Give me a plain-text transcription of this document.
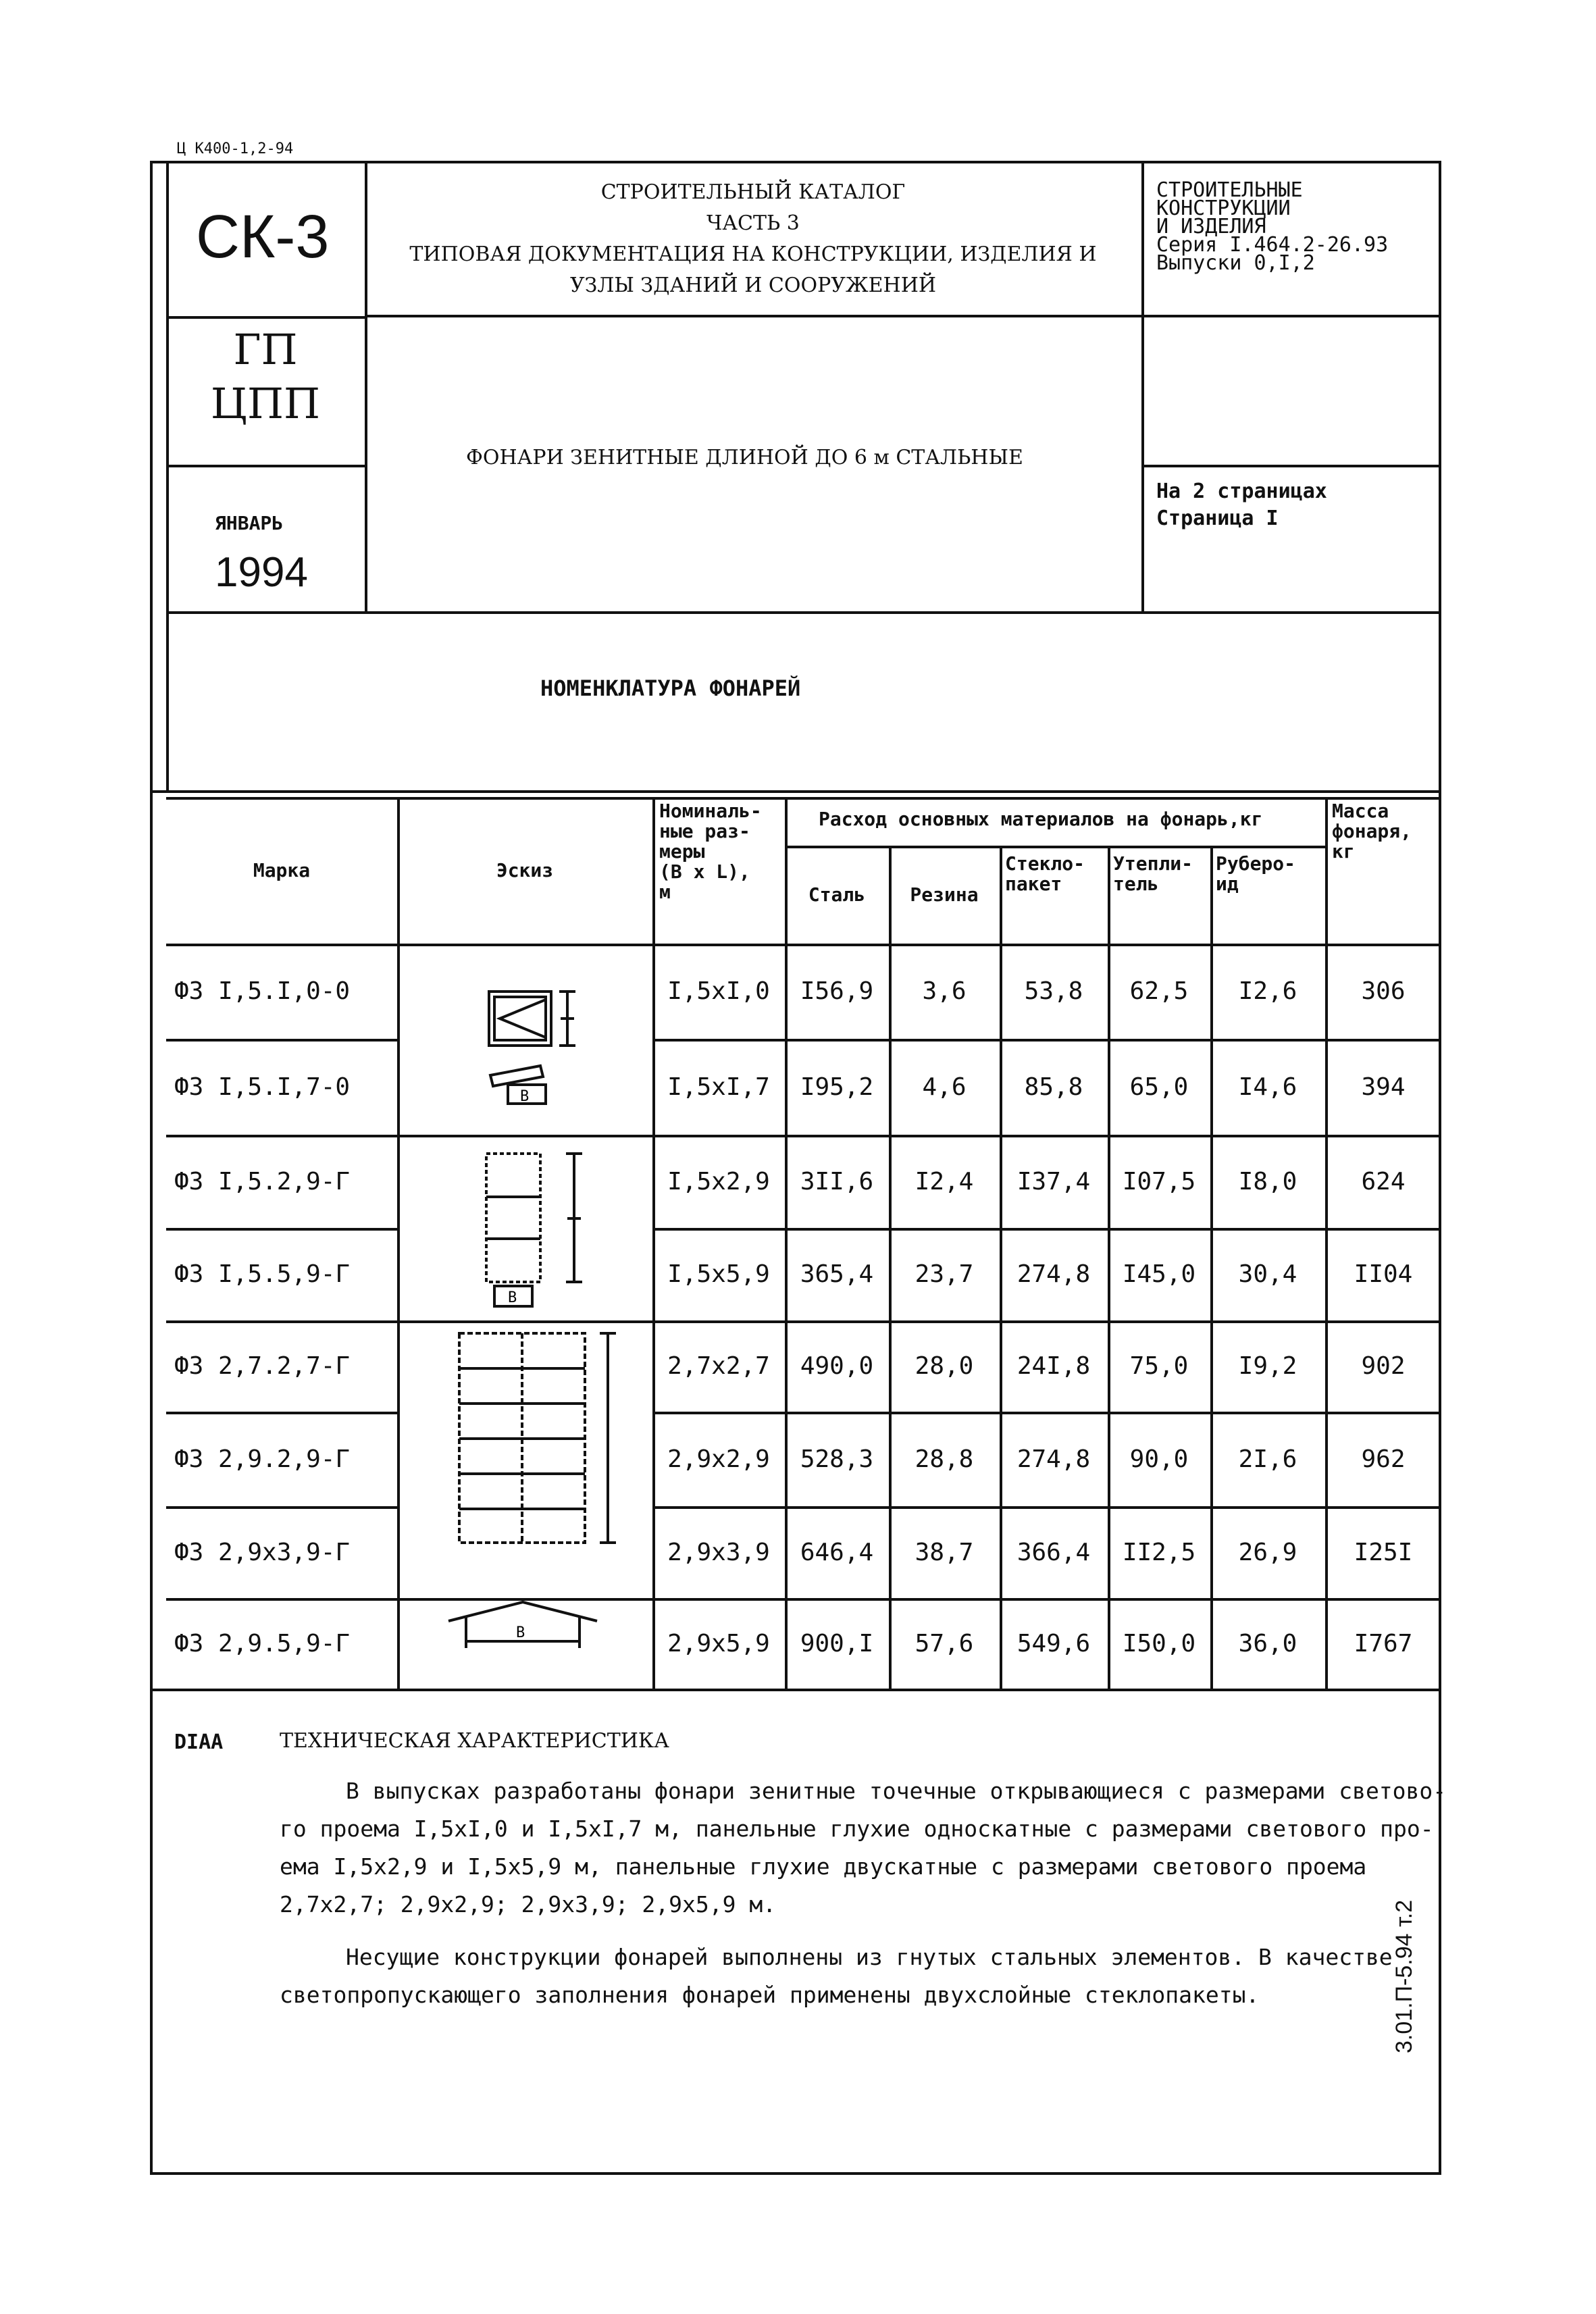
Ц К400-1,2-94
СК-3
СТРОИТЕЛЬНЫЙ КАТАЛОГ
ЧАСТЬ 3
ТИПОВАЯ ДОКУМЕНТАЦИЯ НА КОНСТРУКЦИИ, ИЗДЕЛИЯ И
УЗЛЫ ЗДАНИЙ И СООРУЖЕНИЙ
СТРОИТЕЛЬНЫЕ
КОНСТРУКЦИИ
И ИЗДЕЛИЯ
Серия I.464.2-26.93
Выпуски 0,I,2
ГП
ЦПП
ЯНВАРЬ
1994
ФОНАРИ ЗЕНИТНЫЕ ДЛИНОЙ ДО 6 м СТАЛЬНЫЕ
На 2 страницах
Страница I
НОМЕНКЛАТУРА ФОНАРЕЙ
Марка	Эскиз
Номиналь-
ные раз-
меры
(B x L),
м
Расход основных материалов на фонарь,кг
Сталь	Резина
Стекло-
пакет
Утепли-
тель
Руберо-
ид
Масса
фонаря,
кг
ФЗ I,5.I,0-0	I,5xI,0	I56,9	3,6	53,8	62,5	I2,6	306
ФЗ I,5.I,7-0	I,5xI,7	I95,2	4,6	85,8	65,0	I4,6	394
ФЗ I,5.2,9-Г	I,5x2,9	3II,6	I2,4	I37,4	I07,5	I8,0	624
ФЗ I,5.5,9-Г	I,5x5,9	365,4	23,7	274,8	I45,0	30,4	II04
ФЗ 2,7.2,7-Г	2,7x2,7	490,0	28,0	24I,8	75,0	I9,2	902
ФЗ 2,9.2,9-Г	2,9x2,9	528,3	28,8	274,8	90,0	2I,6	962
ФЗ 2,9x3,9-Г	2,9x3,9	646,4	38,7	366,4	II2,5	26,9	I25I
ФЗ 2,9.5,9-Г	2,9x5,9	900,I	57,6	549,6	I50,0	36,0	I767
B
B
B
DIAA	ТЕХНИЧЕСКАЯ ХАРАКТЕРИСТИКА
В выпусках разработаны фонари зенитные точечные открывающиеся с размерами светово-
го проема I,5xI,0 и I,5xI,7 м, панельные глухие односкатные с размерами светового про-
ема I,5x2,9 и I,5x5,9 м, панельные глухие двускатные с размерами светового проема
2,7x2,7; 2,9x2,9; 2,9x3,9; 2,9x5,9 м.
Несущие конструкции фонарей выполнены из гнутых стальных элементов. В качестве
светопропускающего заполнения фонарей применены двухслойные стеклопакеты.	3.01.П-5.94 т.2
